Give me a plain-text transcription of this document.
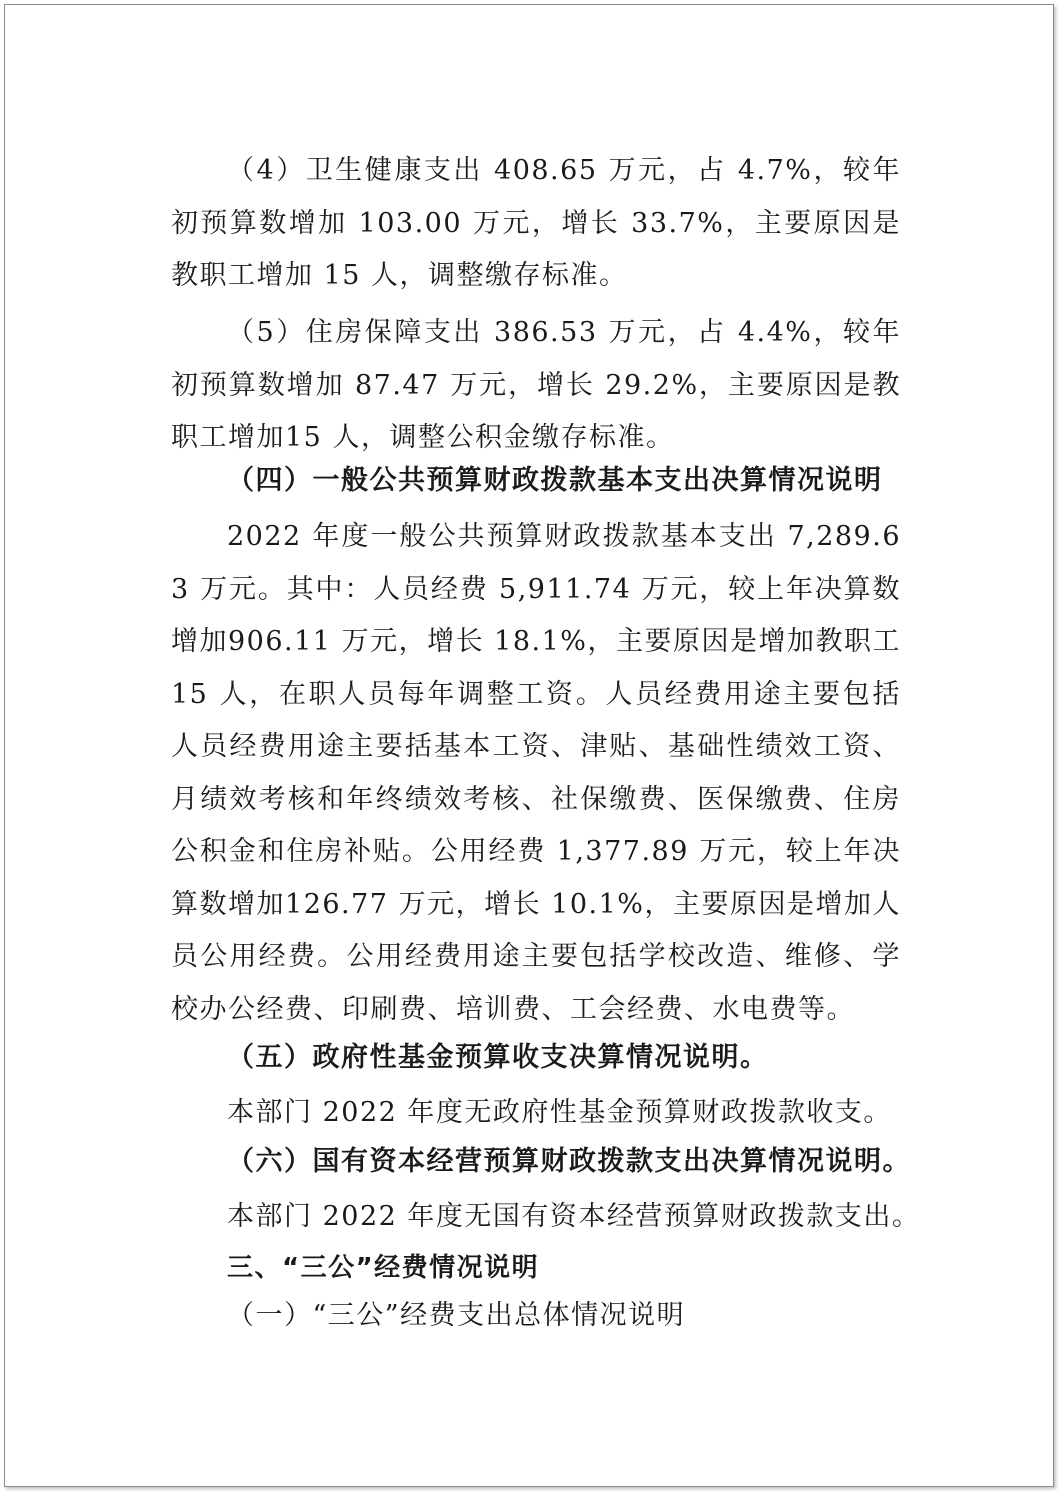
（4）卫生健康支出 408.65 万元，占 4.7%，较年初预算数增加 103.00 万元，增长 33.7%，主要原因是教职工增加 15 人，调整缴存标准。

（5）住房保障支出 386.53 万元，占 4.4%，较年初预算数增加 87.47 万元，增长 29.2%，主要原因是教职工增加15 人，调整公积金缴存标准。

（四）一般公共预算财政拨款基本支出决算情况说明

2022 年度一般公共预算财政拨款基本支出 7,289.63 万元。其中：人员经费 5,911.74 万元，较上年决算数增加906.11 万元，增长 18.1%，主要原因是增加教职工 15 人，在职人员每年调整工资。人员经费用途主要包括人员经费用途主要括基本工资、津贴、基础性绩效工资、月绩效考核和年终绩效考核、社保缴费、医保缴费、住房公积金和住房补贴。公用经费 1,377.89 万元，较上年决算数增加126.77 万元，增长 10.1%，主要原因是增加人员公用经费。公用经费用途主要包括学校改造、维修、学校办公经费、印刷费、培训费、工会经费、水电费等。

（五）政府性基金预算收支决算情况说明。

本部门 2022 年度无政府性基金预算财政拨款收支。

（六）国有资本经营预算财政拨款支出决算情况说明。

本部门 2022 年度无国有资本经营预算财政拨款支出。

三、“三公”经费情况说明

（一）“三公”经费支出总体情况说明
